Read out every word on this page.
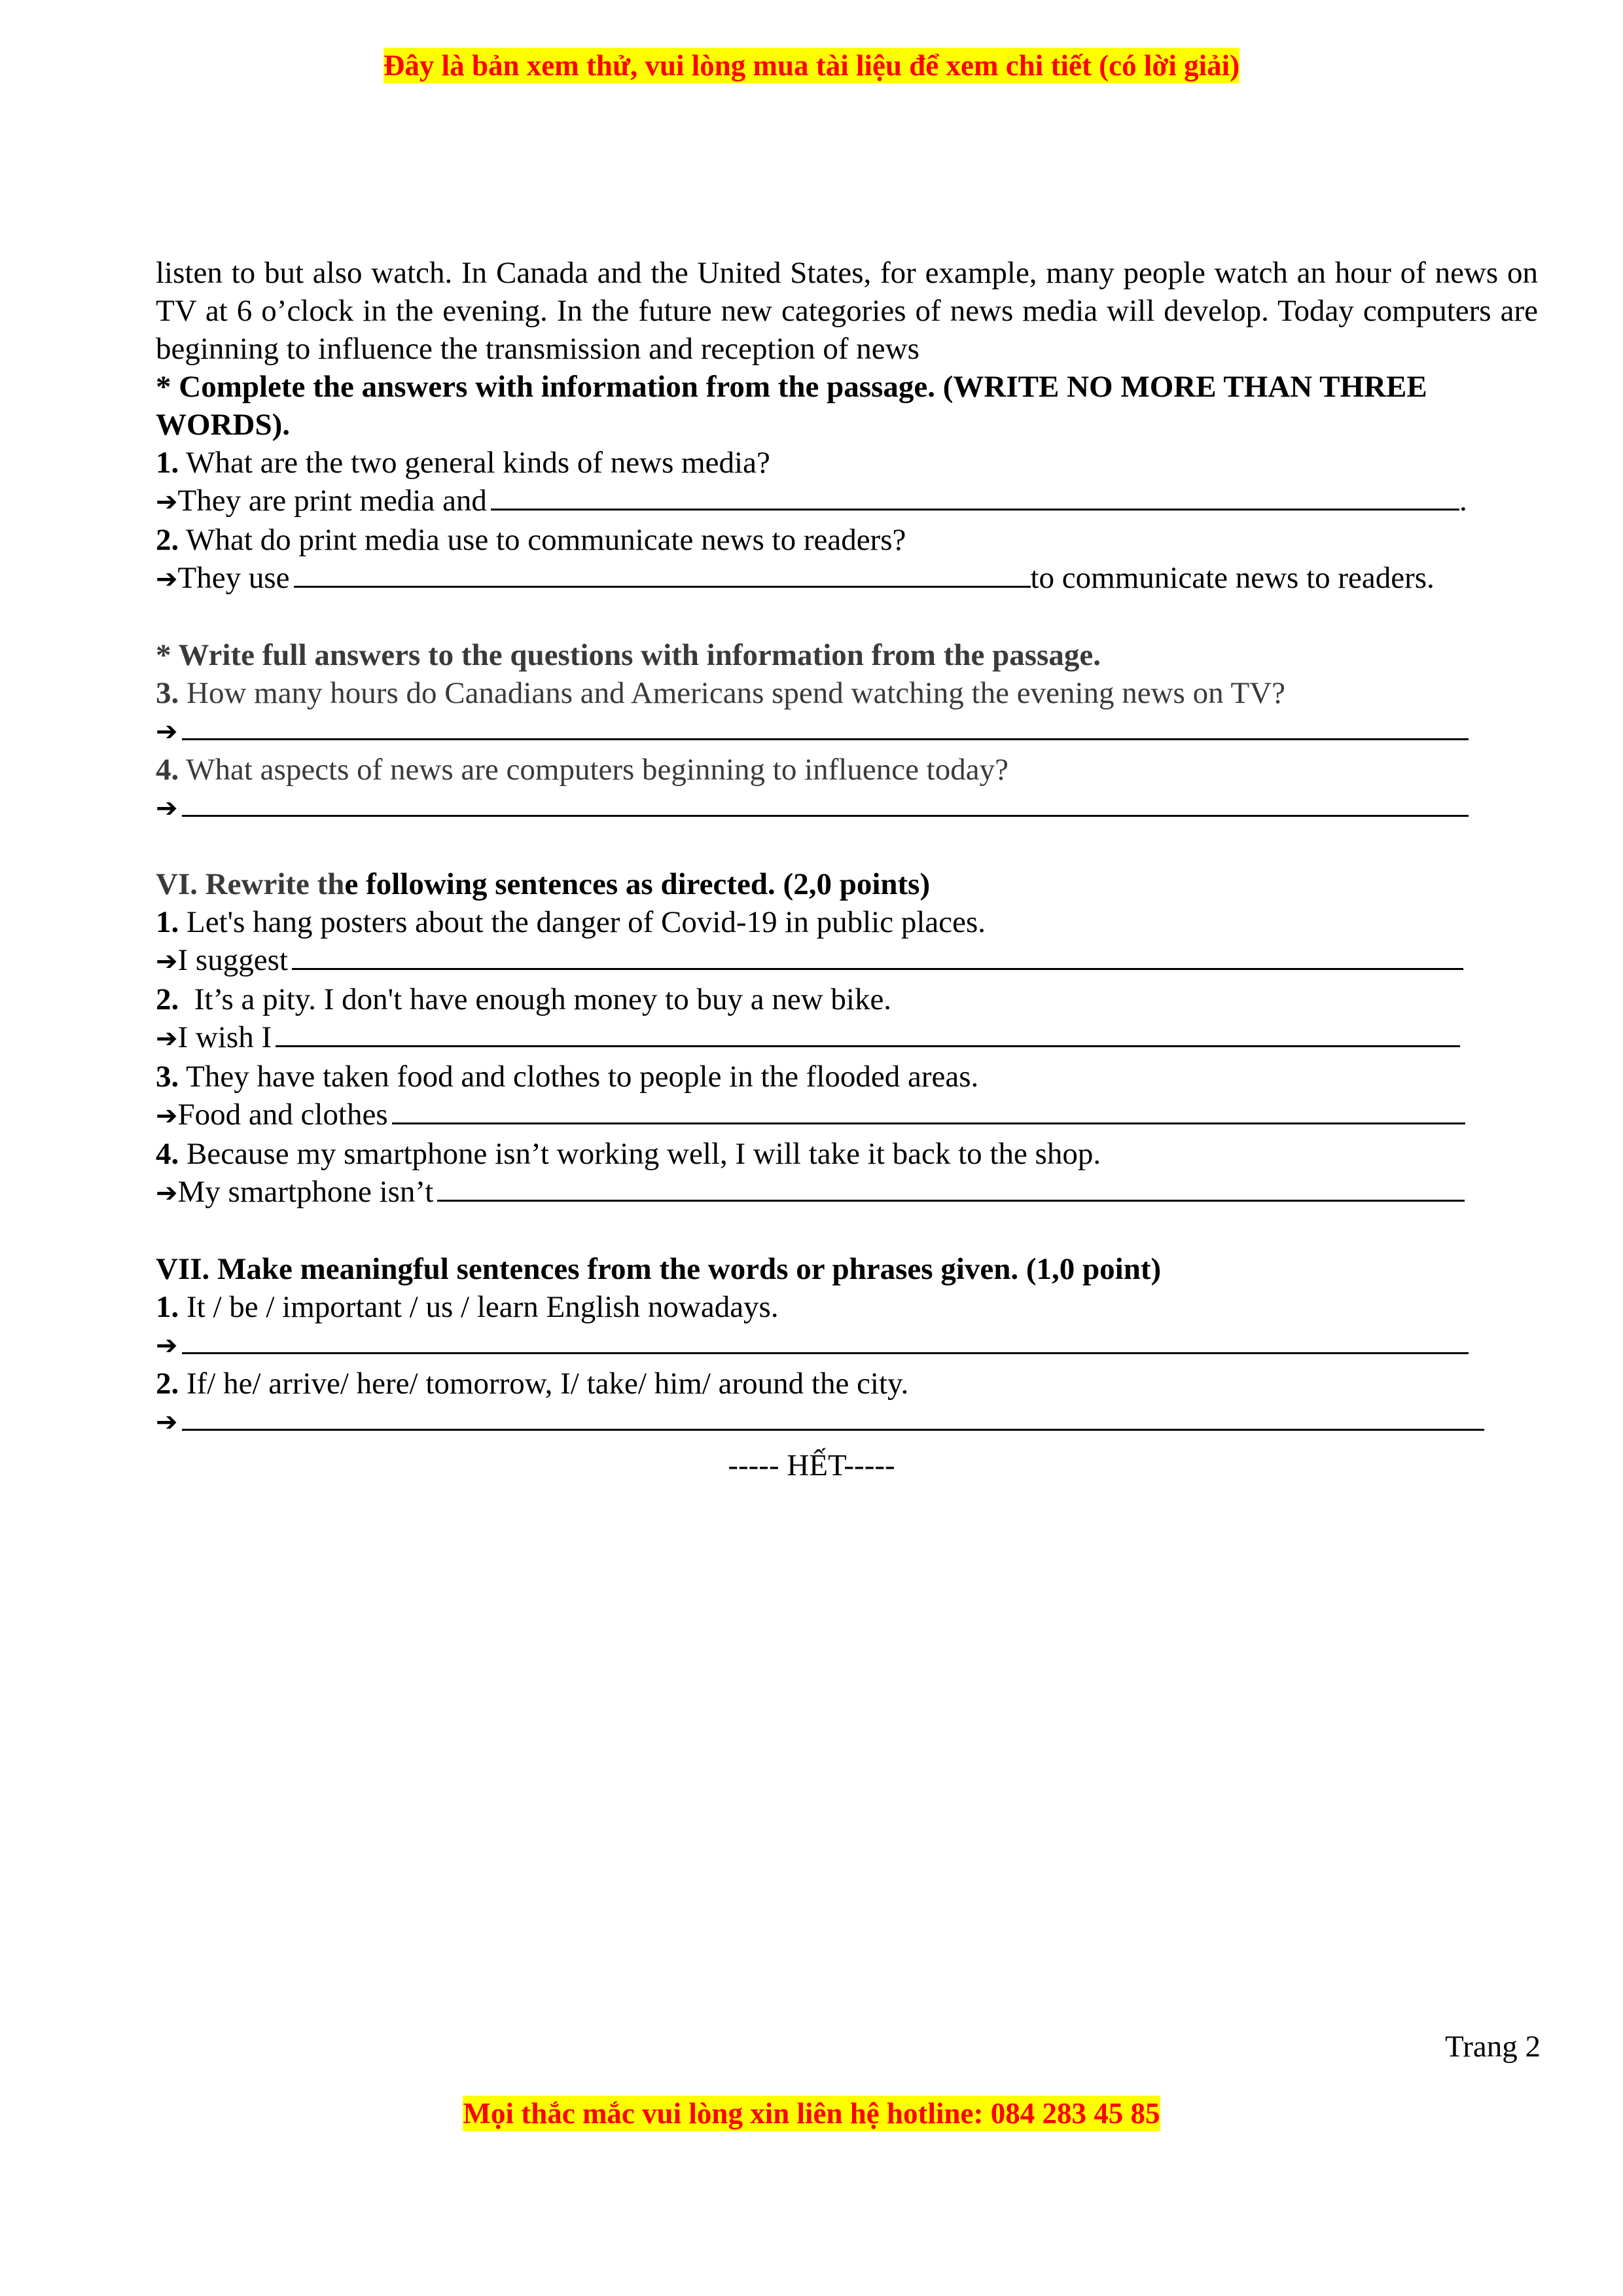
Đây là bản xem thử, vui lòng mua tài liệu để xem chi tiết (có lời giải)

listen to but also watch. In Canada and the United States, for example, many people watch an hour of news on TV at 6 o’clock in the evening. In the future new categories of news media will develop. Today computers are beginning to influence the transmission and reception of news

* Complete the answers with information from the passage. (WRITE NO MORE THAN THREE WORDS).

1. What are the two general kinds of news media?

➔ They are print media and	.

2. What do print media use to communicate news to readers?

➔ They use	to communicate news to readers.

* Write full answers to the questions with information from the passage.

3. How many hours do Canadians and Americans spend watching the evening news on TV?

➔

4. What aspects of news are computers beginning to influence today?

➔

VI. Rewrite the following sentences as directed. (2,0 points)

1. Let's hang posters about the danger of Covid-19 in public places.

➔ I suggest

2.  It’s a pity. I don't have enough money to buy a new bike.

➔ I wish I

3. They have taken food and clothes to people in the flooded areas.

➔ Food and clothes

4. Because my smartphone isn’t working well, I will take it back to the shop.

➔ My smartphone isn’t

VII. Make meaningful sentences from the words or phrases given. (1,0 point)

1. It / be / important / us / learn English nowadays.

➔

2. If/ he/ arrive/ here/ tomorrow, I/ take/ him/ around the city.

➔
----- HẾT-----
Trang 2
Mọi thắc mắc vui lòng xin liên hệ hotline: 084 283 45 85
